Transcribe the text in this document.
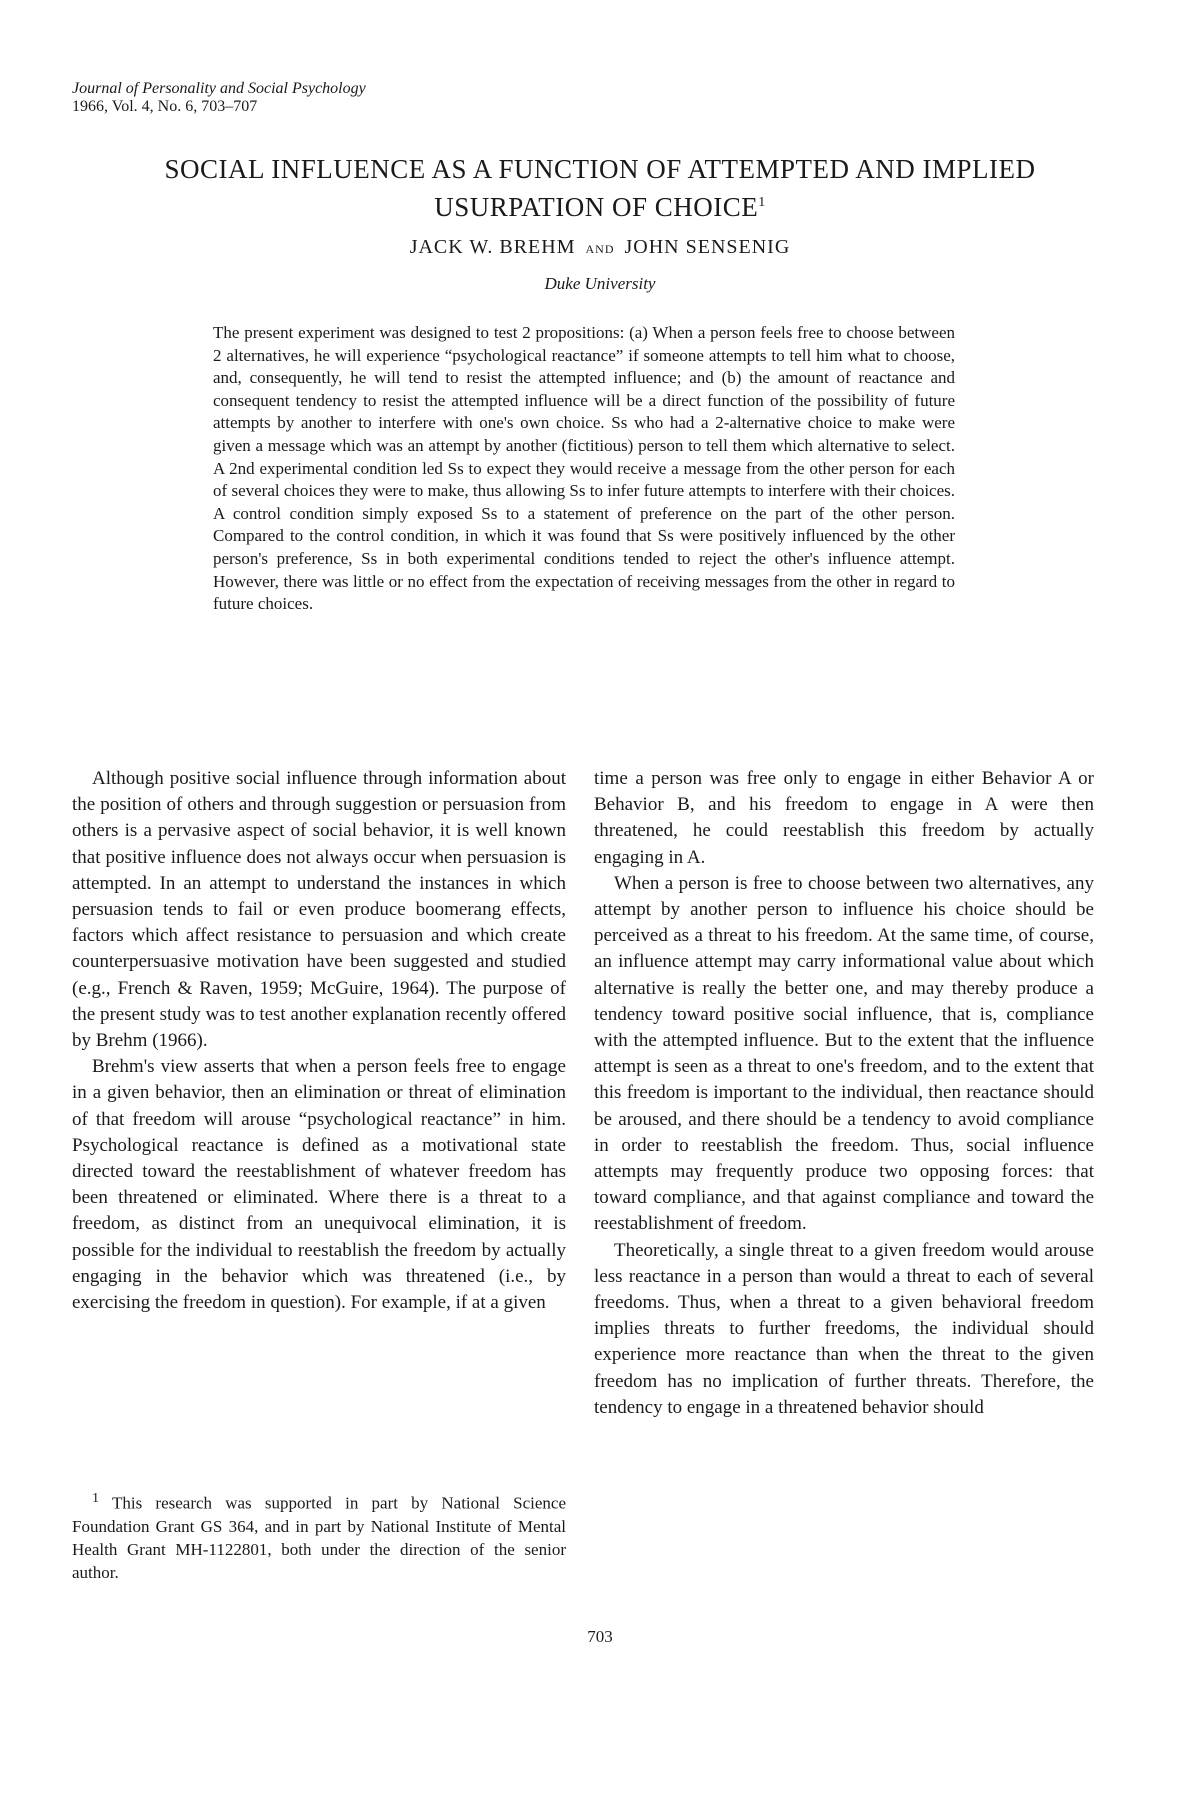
Journal of Personality and Social Psychology
1966, Vol. 4, No. 6, 703–707
SOCIAL INFLUENCE AS A FUNCTION OF ATTEMPTED AND IMPLIED USURPATION OF CHOICE$^1$
JACK W. BREHM AND JOHN SENSENIG
Duke University

The present experiment was designed to test 2 propositions: (a) When a person feels free to choose between 2 alternatives, he will experience “psychological reactance” if someone attempts to tell him what to choose, and, consequently, he will tend to resist the attempted influence; and (b) the amount of reactance and consequent tendency to resist the attempted influence will be a direct function of the possibility of future attempts by another to interfere with one's own choice. Ss who had a 2-alternative choice to make were given a message which was an attempt by another (fictitious) person to tell them which alternative to select. A 2nd experimental condition led Ss to expect they would receive a message from the other person for each of several choices they were to make, thus allowing Ss to infer future attempts to interfere with their choices. A control condition simply exposed Ss to a statement of preference on the part of the other person. Compared to the control condition, in which it was found that Ss were positively influenced by the other person's preference, Ss in both experimental conditions tended to reject the other's influence attempt. However, there was little or no effect from the expectation of receiving messages from the other in regard to future choices.

Although positive social influence through information about the position of others and through suggestion or persuasion from others is a pervasive aspect of social behavior, it is well known that positive influence does not always occur when persuasion is attempted. In an attempt to understand the instances in which persuasion tends to fail or even produce boomerang effects, factors which affect resistance to persuasion and which create counterpersuasive motivation have been suggested and studied (e.g., French & Raven, 1959; McGuire, 1964). The purpose of the present study was to test another explanation recently offered by Brehm (1966).

Brehm's view asserts that when a person feels free to engage in a given behavior, then an elimination or threat of elimination of that freedom will arouse “psychological reactance” in him. Psychological reactance is defined as a motivational state directed toward the reestablishment of whatever freedom has been threatened or eliminated. Where there is a threat to a freedom, as distinct from an unequivocal elimination, it is possible for the individual to reestablish the freedom by actually engaging in the behavior which was threatened (i.e., by exercising the freedom in question). For example, if at a given

$^1$ This research was supported in part by National Science Foundation Grant GS 364, and in part by National Institute of Mental Health Grant MH-1122801, both under the direction of the senior author.

time a person was free only to engage in either Behavior A or Behavior B, and his freedom to engage in A were then threatened, he could reestablish this freedom by actually engaging in A.

When a person is free to choose between two alternatives, any attempt by another person to influence his choice should be perceived as a threat to his freedom. At the same time, of course, an influence attempt may carry informational value about which alternative is really the better one, and may thereby produce a tendency toward positive social influence, that is, compliance with the attempted influence. But to the extent that the influence attempt is seen as a threat to one's freedom, and to the extent that this freedom is important to the individual, then reactance should be aroused, and there should be a tendency to avoid compliance in order to reestablish the freedom. Thus, social influence attempts may frequently produce two opposing forces: that toward compliance, and that against compliance and toward the reestablishment of freedom.

Theoretically, a single threat to a given freedom would arouse less reactance in a person than would a threat to each of several freedoms. Thus, when a threat to a given behavioral freedom implies threats to further freedoms, the individual should experience more reactance than when the threat to the given freedom has no implication of further threats. Therefore, the tendency to engage in a threatened behavior should

703
